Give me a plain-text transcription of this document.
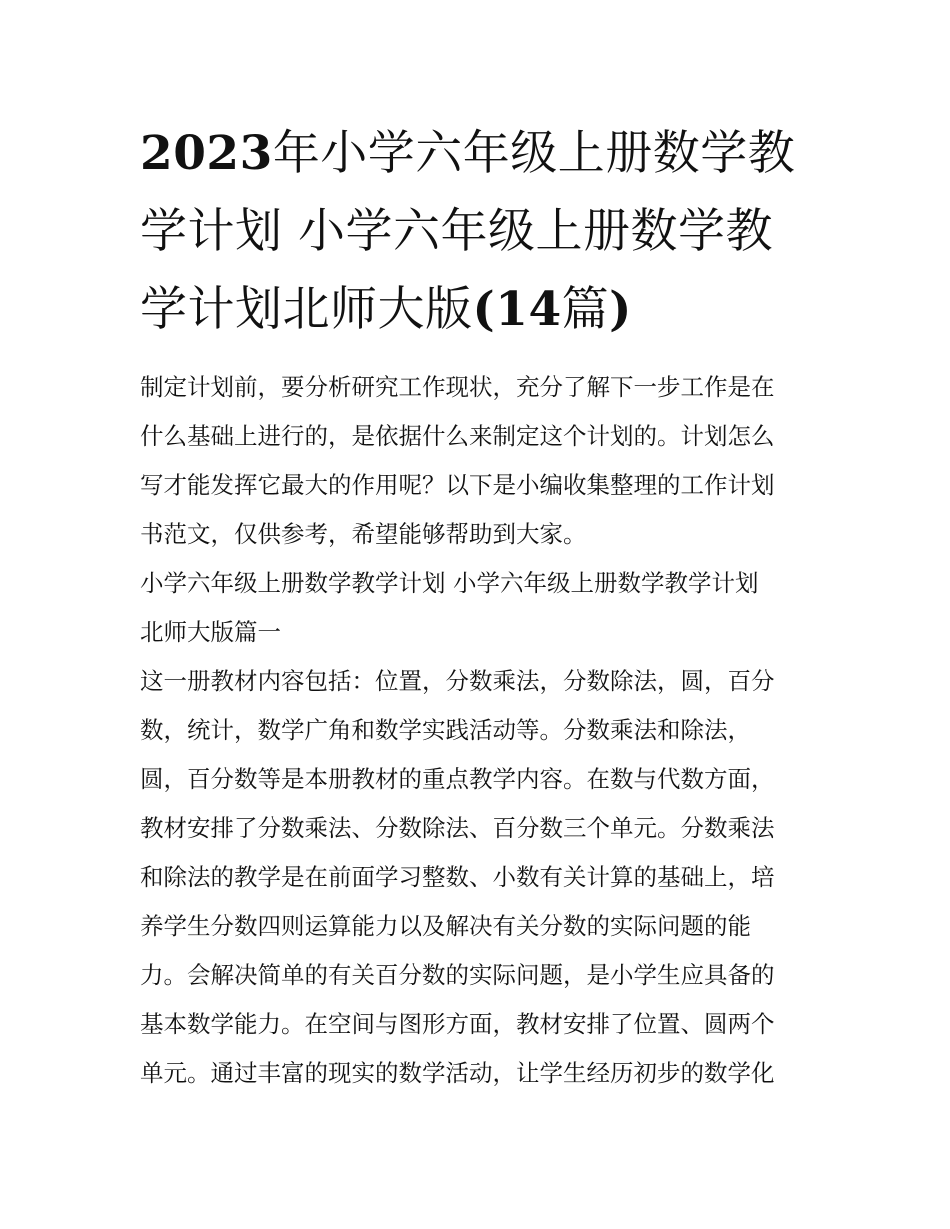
2023年小学六年级上册数学教
学计划 小学六年级上册数学教
学计划北师大版(14篇)

制定计划前，要分析研究工作现状，充分了解下一步工作是在
什么基础上进行的，是依据什么来制定这个计划的。计划怎么
写才能发挥它最大的作用呢？以下是小编收集整理的工作计划
书范文，仅供参考，希望能够帮助到大家。

小学六年级上册数学教学计划 小学六年级上册数学教学计划
北师大版篇一

这一册教材内容包括：位置，分数乘法，分数除法，圆，百分
数，统计，数学广角和数学实践活动等。分数乘法和除法，
圆，百分数等是本册教材的重点教学内容。在数与代数方面，
教材安排了分数乘法、分数除法、百分数三个单元。分数乘法
和除法的教学是在前面学习整数、小数有关计算的基础上，培
养学生分数四则运算能力以及解决有关分数的实际问题的能
力。会解决简单的有关百分数的实际问题，是小学生应具备的
基本数学能力。在空间与图形方面，教材安排了位置、圆两个
单元。通过丰富的现实的数学活动，让学生经历初步的数学化
